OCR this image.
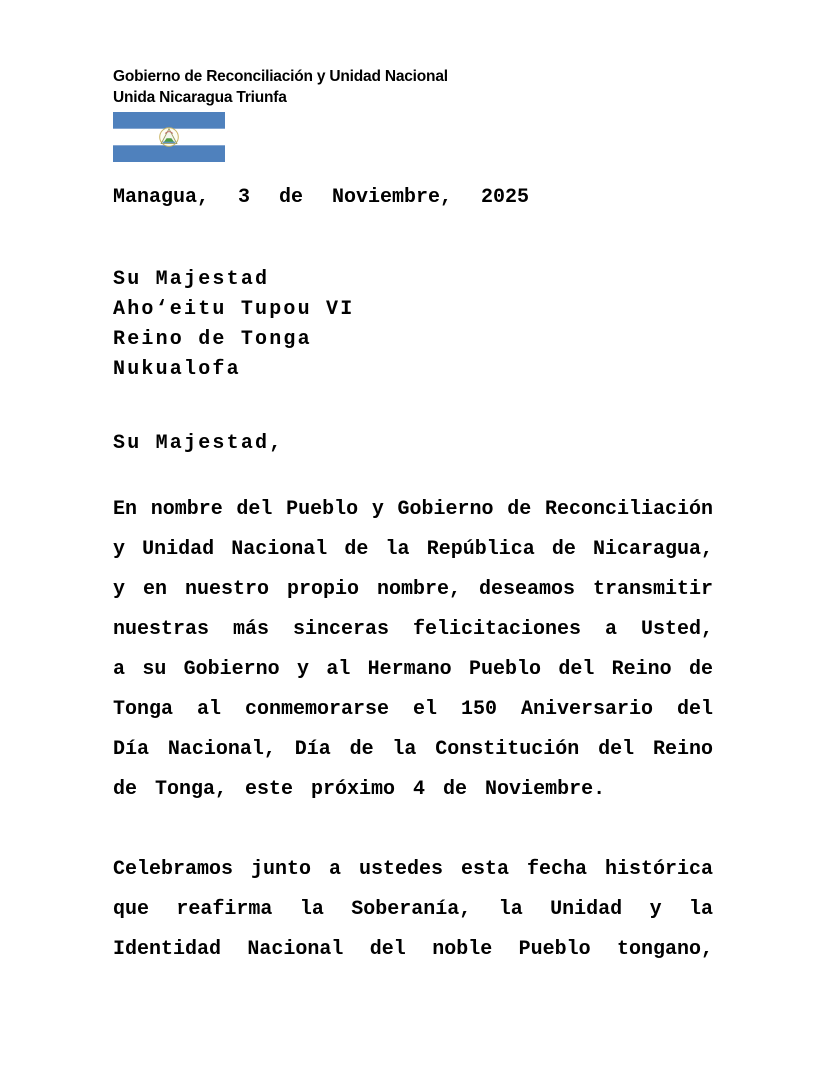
Gobierno de Reconciliación y Unidad Nacional
Unida Nicaragua Triunfa
Managua, 3 de Noviembre, 2025
Su Majestad
Aho‘eitu Tupou VI
Reino de Tonga
Nukualofa
Su Majestad,
En nombre del Pueblo y Gobierno de Reconciliación
y Unidad Nacional de la República de Nicaragua,
y en nuestro propio nombre, deseamos transmitir
nuestras más sinceras felicitaciones a Usted,
a su Gobierno y al Hermano Pueblo del Reino de
Tonga al conmemorarse el 150 Aniversario del
Día Nacional, Día de la Constitución del Reino
de Tonga, este próximo 4 de Noviembre.
Celebramos junto a ustedes esta fecha histórica
que reafirma la Soberanía, la Unidad y la
Identidad Nacional del noble Pueblo tongano,
